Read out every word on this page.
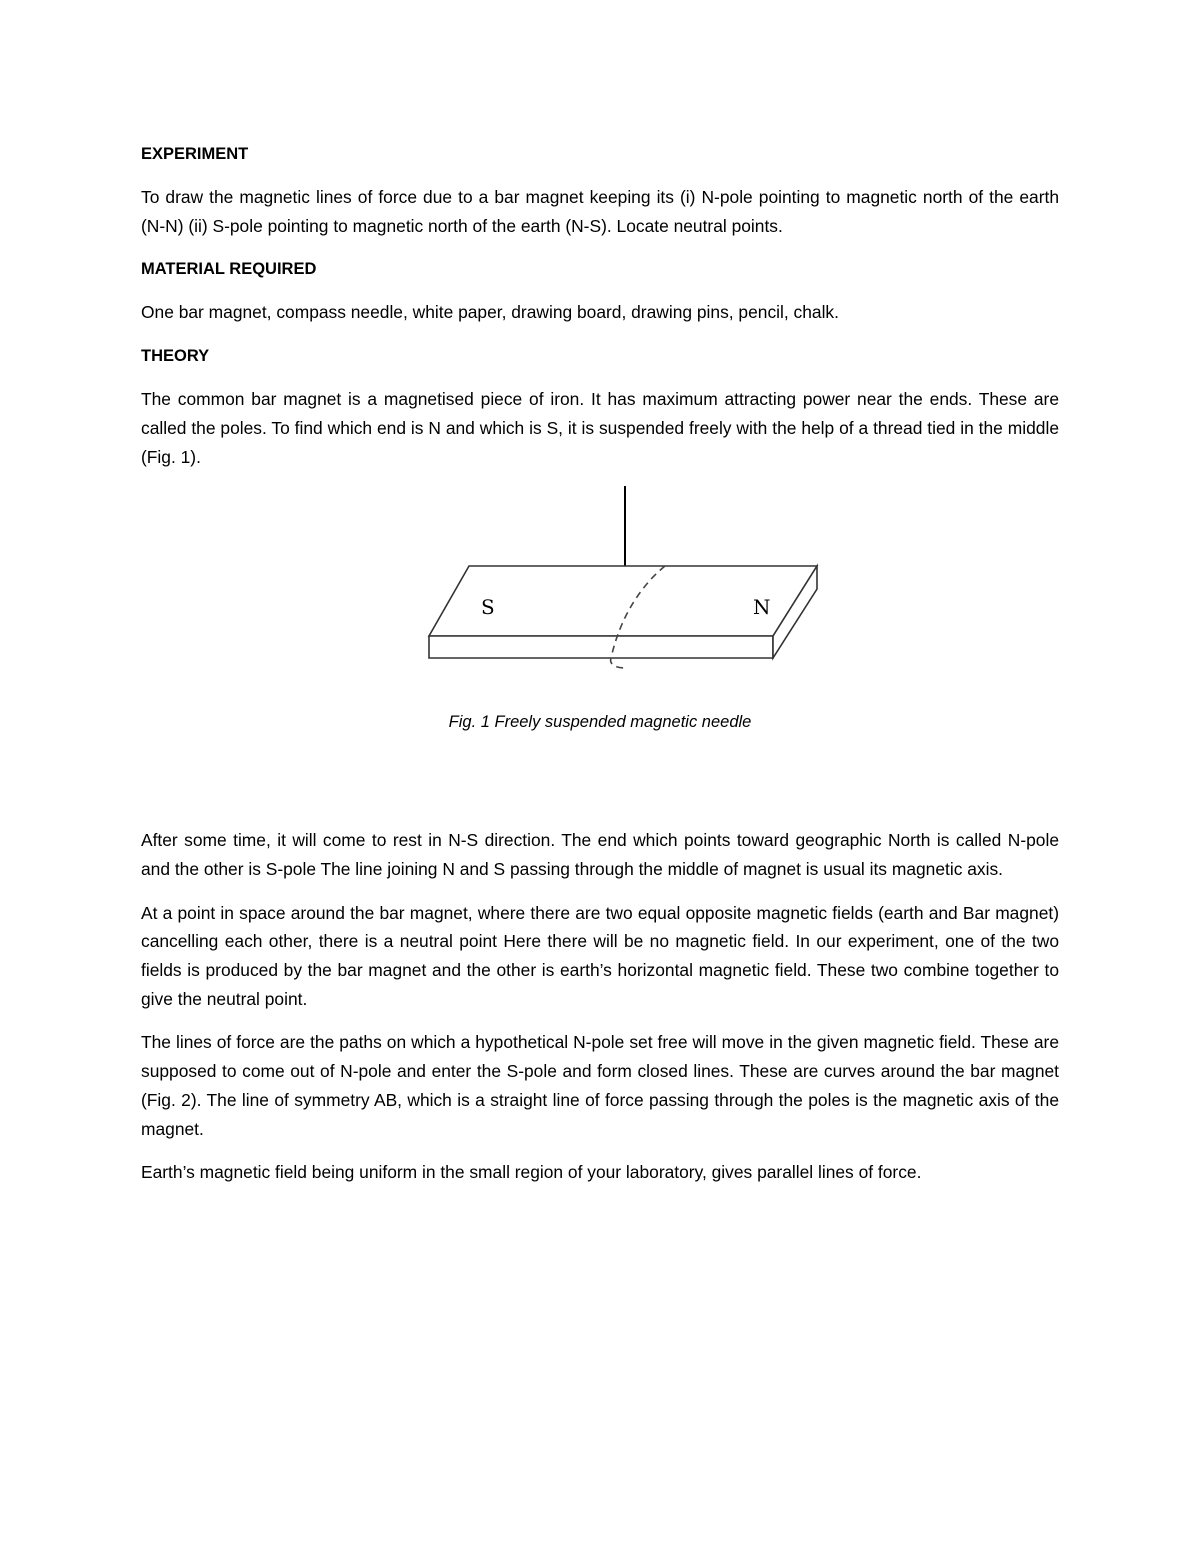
EXPERIMENT

To draw the magnetic lines of force due to a bar magnet keeping its (i) N-pole pointing to magnetic north of the earth (N-N) (ii) S-pole pointing to magnetic north of the earth (N-S). Locate neutral points.

MATERIAL REQUIRED

One bar magnet, compass needle, white paper, drawing board, drawing pins, pencil, chalk.

THEORY

The common bar magnet is a magnetised piece of iron. It has maximum attracting power near the ends. These are called the poles. To find which end is N and which is S, it is suspended freely with the help of a thread tied in the middle (Fig. 1).

S	N
Fig. 1 Freely suspended magnetic needle

After some time, it will come to rest in N-S direction. The end which points toward geographic North is called N-pole and the other is S-pole The line joining N and S passing through the middle of magnet is usual its magnetic axis.

At a point in space around the bar magnet, where there are two equal opposite magnetic fields (earth and Bar magnet) cancelling each other, there is a neutral point Here there will be no magnetic field. In our experiment, one of the two fields is produced by the bar magnet and the other is earth’s horizontal magnetic field. These two combine together to give the neutral point.

The lines of force are the paths on which a hypothetical N-pole set free will move in the given magnetic field. These are supposed to come out of N-pole and enter the S-pole and form closed lines. These are curves around the bar magnet (Fig. 2). The line of symmetry AB, which is a straight line of force passing through the poles is the magnetic axis of the magnet.

Earth’s magnetic field being uniform in the small region of your laboratory, gives parallel lines of force.
